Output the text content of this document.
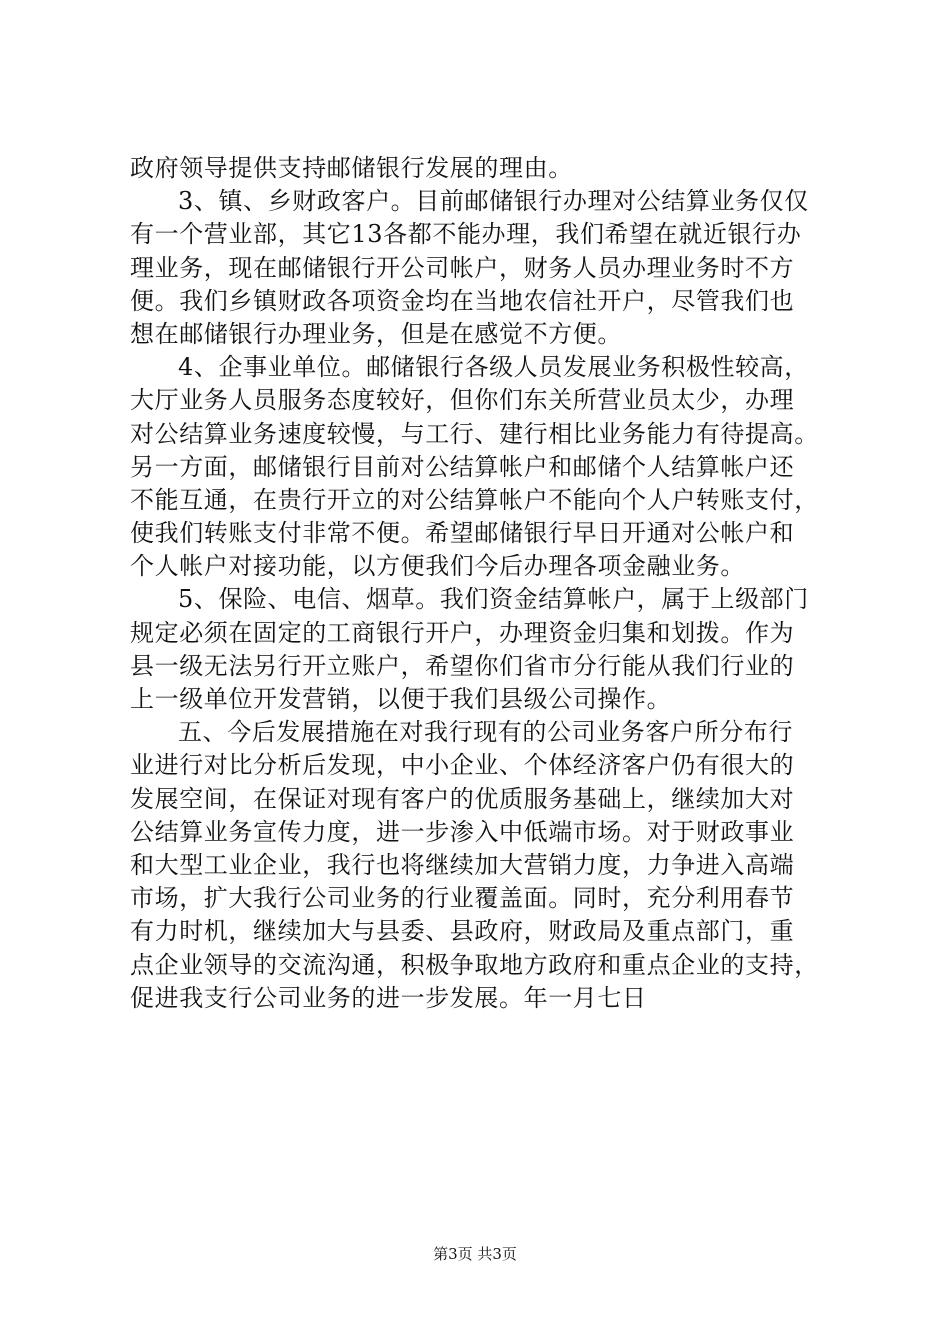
政府领导提供支持邮储银行发展的理由。
3、镇、乡财政客户。目前邮储银行办理对公结算业务仅仅
有一个营业部，其它13各都不能办理，我们希望在就近银行办
理业务，现在邮储银行开公司帐户，财务人员办理业务时不方
便。我们乡镇财政各项资金均在当地农信社开户，尽管我们也
想在邮储银行办理业务，但是在感觉不方便。
4、企事业单位。邮储银行各级人员发展业务积极性较高，
大厅业务人员服务态度较好，但你们东关所营业员太少，办理
对公结算业务速度较慢，与工行、建行相比业务能力有待提高。
另一方面，邮储银行目前对公结算帐户和邮储个人结算帐户还
不能互通，在贵行开立的对公结算帐户不能向个人户转账支付，
使我们转账支付非常不便。希望邮储银行早日开通对公帐户和
个人帐户对接功能，以方便我们今后办理各项金融业务。
5、保险、电信、烟草。我们资金结算帐户，属于上级部门
规定必须在固定的工商银行开户，办理资金归集和划拨。作为
县一级无法另行开立账户，希望你们省市分行能从我们行业的
上一级单位开发营销，以便于我们县级公司操作。
五、今后发展措施在对我行现有的公司业务客户所分布行
业进行对比分析后发现，中小企业、个体经济客户仍有很大的
发展空间，在保证对现有客户的优质服务基础上，继续加大对
公结算业务宣传力度，进一步渗入中低端市场。对于财政事业
和大型工业企业，我行也将继续加大营销力度，力争进入高端
市场，扩大我行公司业务的行业覆盖面。同时，充分利用春节
有力时机，继续加大与县委、县政府，财政局及重点部门，重
点企业领导的交流沟通，积极争取地方政府和重点企业的支持，
促进我支行公司业务的进一步发展。年一月七日
第3页 共3页
